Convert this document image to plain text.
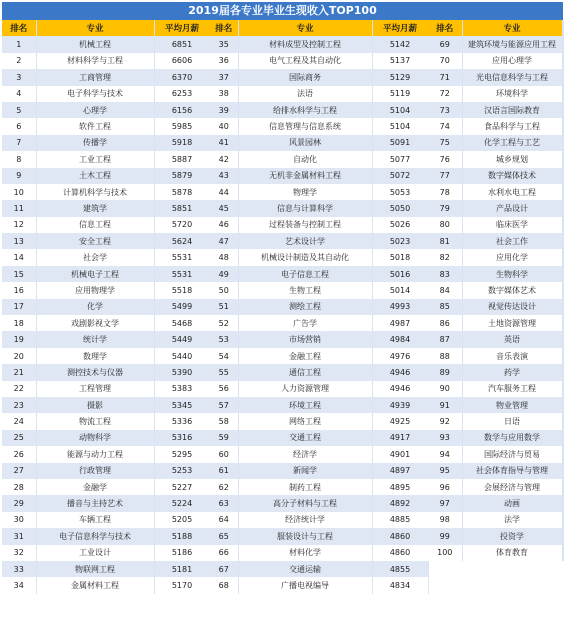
2019届各专业毕业生现收入TOP100
排名	专业	平均月薪
1	机械工程	6851
2	材料科学与工程	6606
3	工商管理	6370
4	电子科学与技术	6253
5	心理学	6156
6	软件工程	5985
7	传播学	5918
8	工业工程	5887
9	土木工程	5879
10	计算机科学与技术	5878
11	建筑学	5851
12	信息工程	5720
13	安全工程	5624
14	社会学	5531
15	机械电子工程	5531
16	应用物理学	5518
17	化学	5499
18	戏剧影视文学	5468
19	统计学	5449
20	数理学	5440
21	测控技术与仪器	5390
22	工程管理	5383
23	摄影	5345
24	物流工程	5336
25	动物科学	5316
26	能源与动力工程	5295
27	行政管理	5253
28	金融学	5227
29	播音与主持艺术	5224
30	车辆工程	5205
31	电子信息科学与技术	5188
32	工业设计	5186
33	物联网工程	5181
34	金属材料工程	5170
排名	专业	平均月薪
35	材料成型及控制工程	5142
36	电气工程及其自动化	5137
37	国际商务	5129
38	法语	5119
39	给排水科学与工程	5104
40	信息管理与信息系统	5104
41	风景园林	5091
42	自动化	5077
43	无机非金属材料工程	5072
44	物理学	5053
45	信息与计算科学	5050
46	过程装备与控制工程	5026
47	艺术设计学	5023
48	机械设计制造及其自动化	5018
49	电子信息工程	5016
50	生物工程	5014
51	测绘工程	4993
52	广告学	4987
53	市场营销	4984
54	金融工程	4976
55	通信工程	4946
56	人力资源管理	4946
57	环境工程	4939
58	网络工程	4925
59	交通工程	4917
60	经济学	4901
61	新闻学	4897
62	制药工程	4895
63	高分子材料与工程	4892
64	经济统计学	4885
65	服装设计与工程	4860
66	材料化学	4860
67	交通运输	4855
68	广播电视编导	4834
排名	专业	
69	建筑环境与能源应用工程	
70	应用心理学	
71	光电信息科学与工程	
72	环境科学	
73	汉语言国际教育	
74	食品科学与工程	
75	化学工程与工艺	
76	城乡规划	
77	数字媒体技术	
78	水利水电工程	
79	产品设计	
80	临床医学	
81	社会工作	
82	应用化学	
83	生物科学	
84	数字媒体艺术	
85	视觉传达设计	
86	土地资源管理	
87	英语	
88	音乐表演	
89	药学	
90	汽车服务工程	
91	物业管理	
92	日语	
93	数学与应用数学	
94	国际经济与贸易	
95	社会体育指导与管理	
96	会展经济与管理	
97	动画	
98	法学	
99	投资学	
100	体育教育	
